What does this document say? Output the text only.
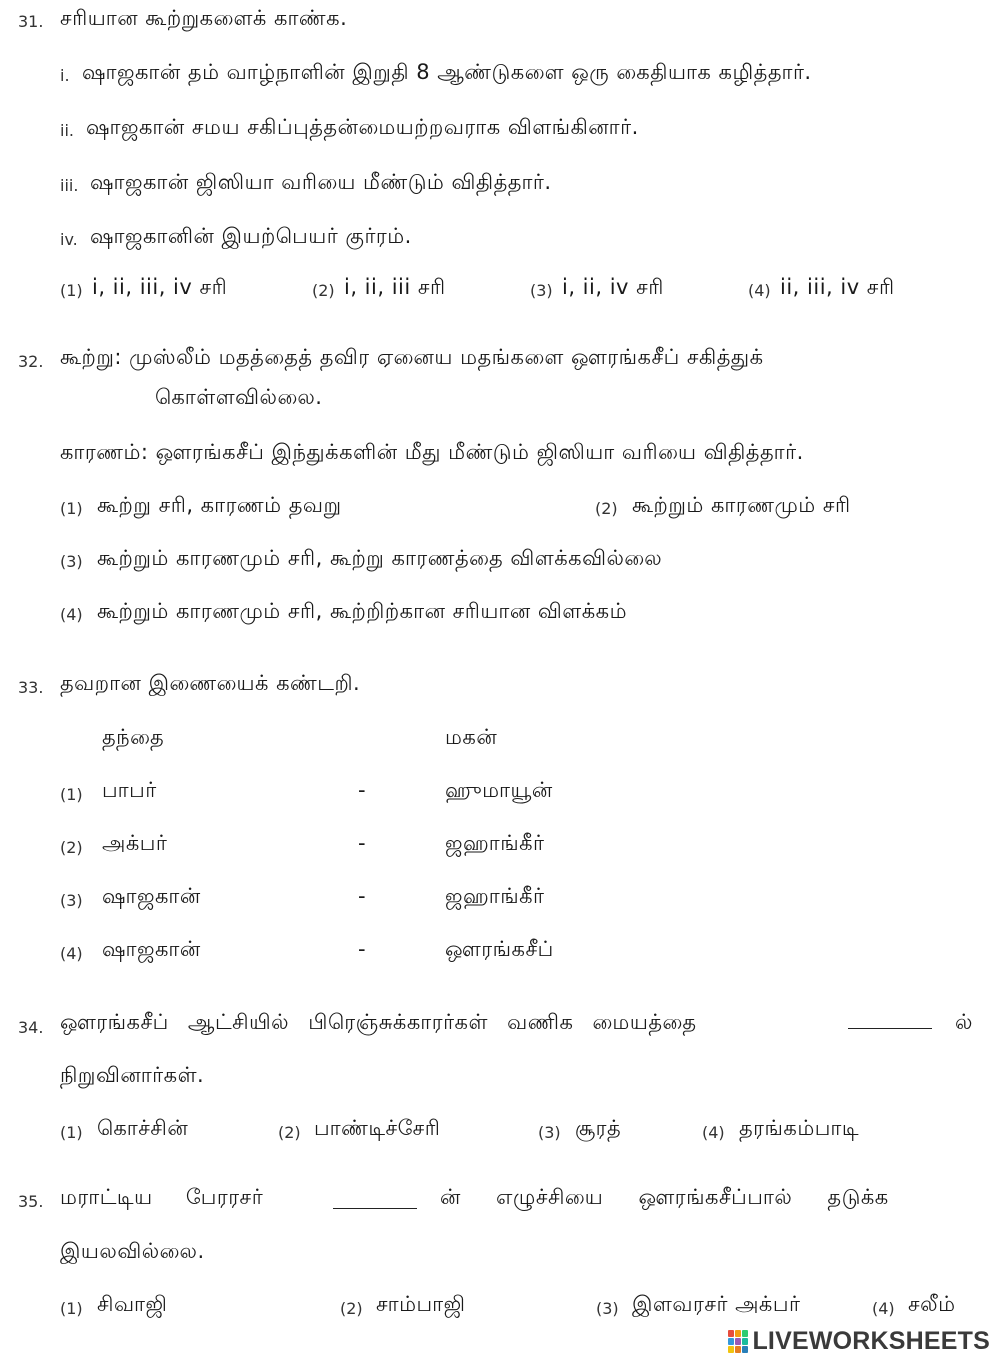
31. சரியான கூற்றுகளைக் காண்க.
i. ஷாஜகான் தம் வாழ்நாளின் இறுதி 8 ஆண்டுகளை ஒரு கைதியாக கழித்தார்.
ii. ஷாஜகான் சமய சகிப்புத்தன்மையற்றவராக விளங்கினார்.
iii. ஷாஜகான் ஜிஸியா வரியை மீண்டும் விதித்தார்.
iv. ஷாஜகானின் இயற்பெயர் குர்ரம்.
(1) i, ii, iii, iv சரி	(2) i, ii, iii சரி	(3) i, ii, iv சரி	(4) ii, iii, iv சரி
32. கூற்று: முஸ்லீம் மதத்தைத் தவிர ஏனைய மதங்களை ஔரங்கசீப் சகித்துக்
கொள்ளவில்லை.
காரணம்: ஔரங்கசீப் இந்துக்களின் மீது மீண்டும் ஜிஸியா வரியை விதித்தார்.
(1) கூற்று சரி, காரணம் தவறு	(2) கூற்றும் காரணமும் சரி
(3) கூற்றும் காரணமும் சரி, கூற்று காரணத்தை விளக்கவில்லை
(4) கூற்றும் காரணமும் சரி, கூற்றிற்கான சரியான விளக்கம்
33. தவறான இணையைக் கண்டறி.
தந்தை	மகன்
(1) பாபர்	-	ஹுமாயூன்
(2) அக்பர்	-	ஜஹாங்கீர்
(3) ஷாஜகான்	-	ஜஹாங்கீர்
(4) ஷாஜகான்	-	ஔரங்கசீப்
34. ஔரங்கசீப் ஆட்சியில் பிரெஞ்சுக்காரர்கள் வணிக மையத்தை	ல்
நிறுவினார்கள்.
(1) கொச்சின்	(2) பாண்டிச்சேரி	(3) சூரத்	(4) தரங்கம்பாடி
35. மராட்டிய பேரரசர்	ன் எழுச்சியை ஔரங்கசீப்பால் தடுக்க
இயலவில்லை.
(1) சிவாஜி	(2) சாம்பாஜி	(3) இளவரசர் அக்பர்	(4) சலீம்
LIVEWORKSHEETS
